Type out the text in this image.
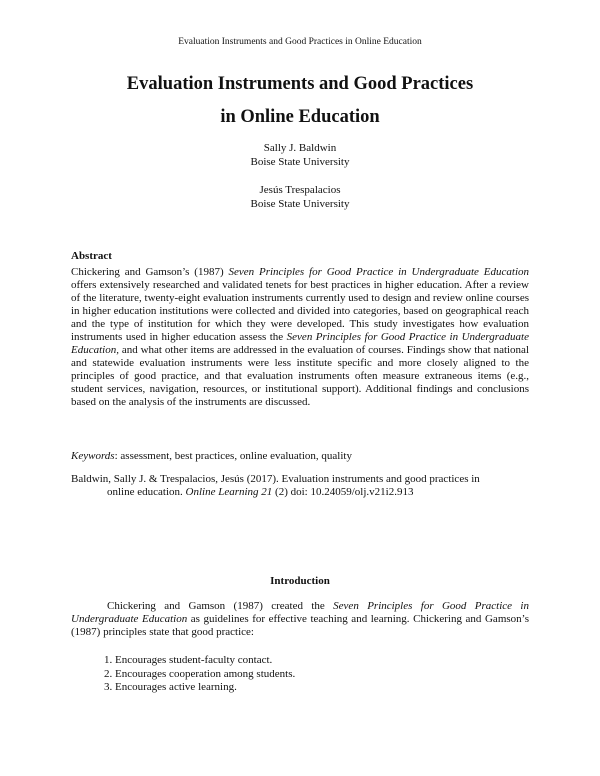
Evaluation Instruments and Good Practices in Online Education
Evaluation Instruments and Good Practices
in Online Education
Sally J. Baldwin
Boise State University
Jesús Trespalacios
Boise State University
Abstract

Chickering and Gamson’s (1987) Seven Principles for Good Practice in Undergraduate Education offers extensively researched and validated tenets for best practices in higher education. After a review of the literature, twenty-eight evaluation instruments currently used to design and review online courses in higher education institutions were collected and divided into categories, based on geographical reach and the type of institution for which they were developed. This study investigates how evaluation instruments used in higher education assess the Seven Principles for Good Practice in Undergraduate Education, and what other items are addressed in the evaluation of courses. Findings show that national and statewide evaluation instruments were less institute specific and more closely aligned to the principles of good practice, and that evaluation instruments often measure extraneous items (e.g., student services, navigation, resources, or institutional support). Additional findings and conclusions based on the analysis of the instruments are discussed.

Keywords: assessment, best practices, online evaluation, quality

Baldwin, Sally J. & Trespalacios, Jesús (2017). Evaluation instruments and good practices in
online education. Online Learning 21 (2) doi: 10.24059/olj.v21i2.913
Introduction

Chickering and Gamson (1987) created the Seven Principles for Good Practice in Undergraduate Education as guidelines for effective teaching and learning. Chickering and Gamson’s (1987) principles state that good practice:

1. Encourages student-faculty contact.
2. Encourages cooperation among students.
3. Encourages active learning.
